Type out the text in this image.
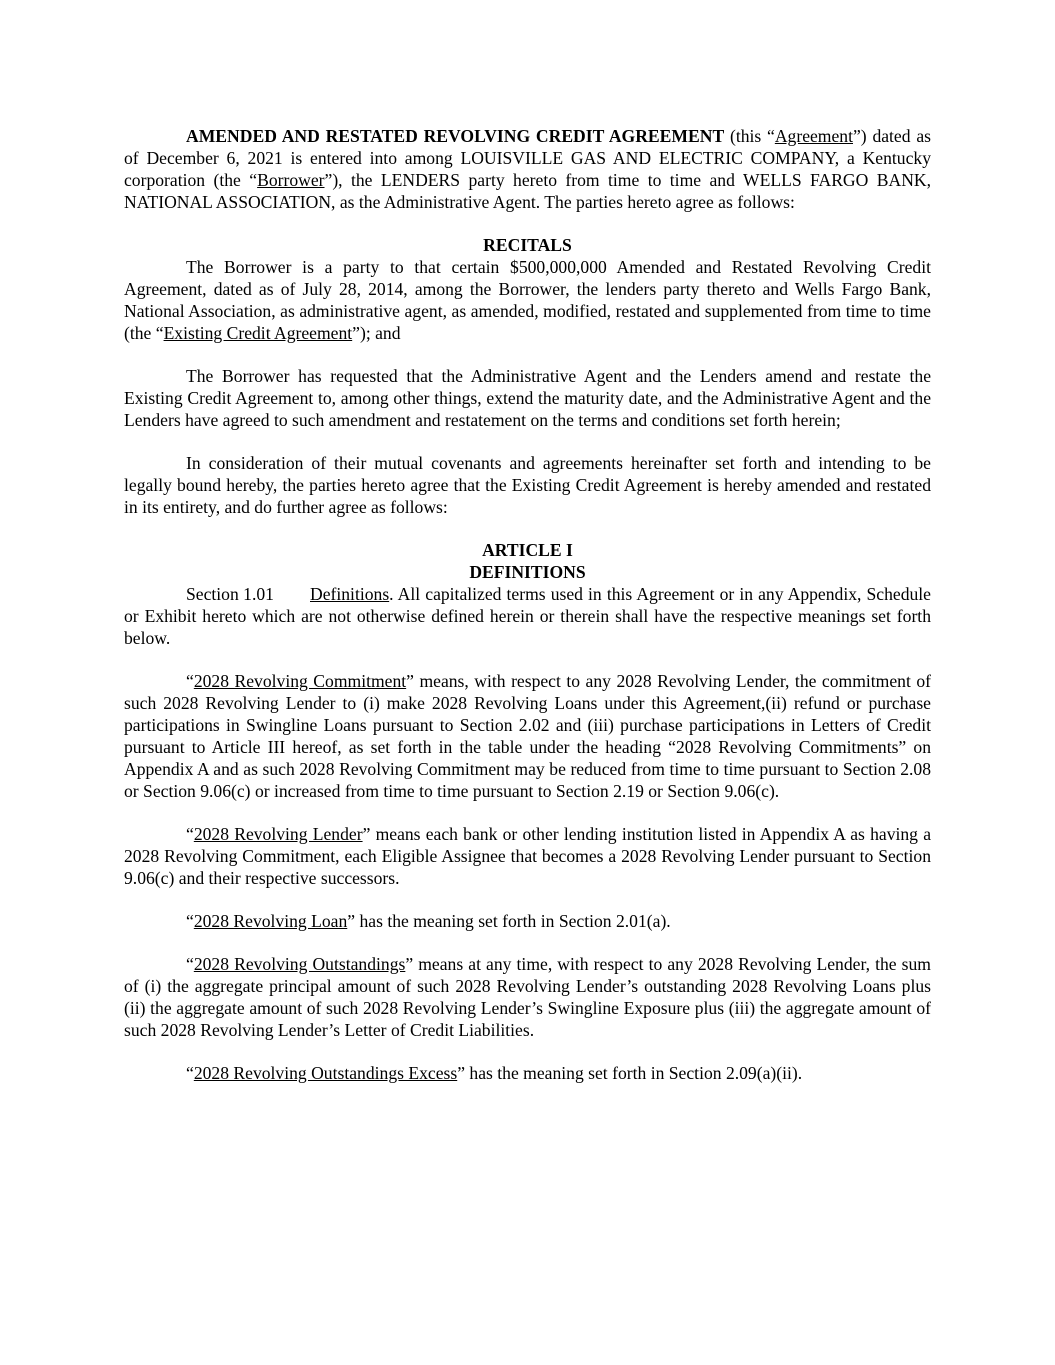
AMENDED AND RESTATED REVOLVING CREDIT AGREEMENT (this “Agreement”) dated as of December 6, 2021 is entered into among LOUISVILLE GAS AND ELECTRIC COMPANY, a Kentucky corporation (the “Borrower”), the LENDERS party hereto from time to time and WELLS FARGO BANK, NATIONAL ASSOCIATION, as the Administrative Agent. The parties hereto agree as follows:

RECITALS

The Borrower is a party to that certain $500,000,000 Amended and Restated Revolving Credit Agreement, dated as of July 28, 2014, among the Borrower, the lenders party thereto and Wells Fargo Bank, National Association, as administrative agent, as amended, modified, restated and supplemented from time to time (the “Existing Credit Agreement”); and

The Borrower has requested that the Administrative Agent and the Lenders amend and restate the Existing Credit Agreement to, among other things, extend the maturity date, and the Administrative Agent and the Lenders have agreed to such amendment and restatement on the terms and conditions set forth herein;

In consideration of their mutual covenants and agreements hereinafter set forth and intending to be legally bound hereby, the parties hereto agree that the Existing Credit Agreement is hereby amended and restated in its entirety, and do further agree as follows:

ARTICLE I

DEFINITIONS

Section 1.01 Definitions. All capitalized terms used in this Agreement or in any Appendix, Schedule or Exhibit hereto which are not otherwise defined herein or therein shall have the respective meanings set forth below.

“2028 Revolving Commitment” means, with respect to any 2028 Revolving Lender, the commitment of such 2028 Revolving Lender to (i) make 2028 Revolving Loans under this Agreement,(ii) refund or purchase participations in Swingline Loans pursuant to Section 2.02 and (iii) purchase participations in Letters of Credit pursuant to Article III hereof, as set forth in the table under the heading “2028 Revolving Commitments” on Appendix A and as such 2028 Revolving Commitment may be reduced from time to time pursuant to Section 2.08 or Section 9.06(c) or increased from time to time pursuant to Section 2.19 or Section 9.06(c).

“2028 Revolving Lender” means each bank or other lending institution listed in Appendix A as having a 2028 Revolving Commitment, each Eligible Assignee that becomes a 2028 Revolving Lender pursuant to Section 9.06(c) and their respective successors.

“2028 Revolving Loan” has the meaning set forth in Section 2.01(a).

“2028 Revolving Outstandings” means at any time, with respect to any 2028 Revolving Lender, the sum of (i) the aggregate principal amount of such 2028 Revolving Lender’s outstanding 2028 Revolving Loans plus (ii) the aggregate amount of such 2028 Revolving Lender’s Swingline Exposure plus (iii) the aggregate amount of such 2028 Revolving Lender’s Letter of Credit Liabilities.

“2028 Revolving Outstandings Excess” has the meaning set forth in Section 2.09(a)(ii).
